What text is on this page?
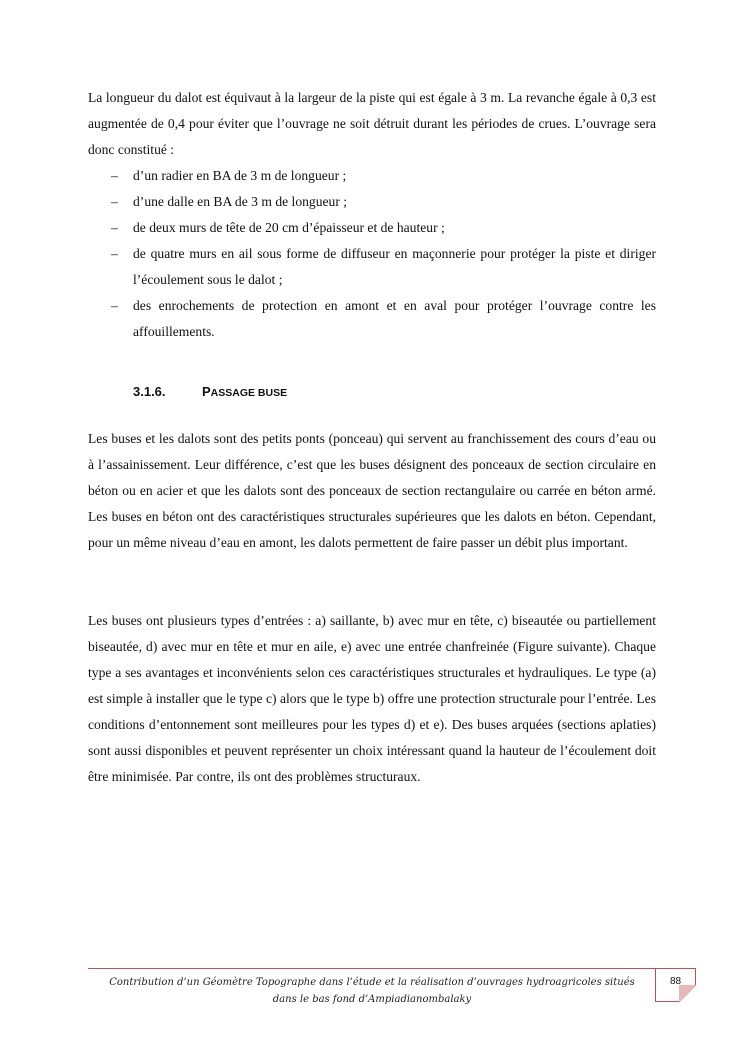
La longueur du dalot est équivaut à la largeur de la piste qui est égale à 3 m. La revanche égale à 0,3 est augmentée de 0,4 pour éviter que l’ouvrage ne soit détruit durant les périodes de crues. L’ouvrage sera donc constitué :

– d’un radier en BA de 3 m de longueur ;
– d’une dalle en BA de 3 m de longueur ;
– de deux murs de tête de 20 cm d’épaisseur et de hauteur ;
– de quatre murs en ail sous forme de diffuseur en maçonnerie pour protéger la piste et diriger l’écoulement sous le dalot ;
– des enrochements de protection en amont et en aval pour protéger l’ouvrage contre les affouillements.
3.1.6.	PASSAGE BUSE

Les buses et les dalots sont des petits ponts (ponceau) qui servent au franchissement des cours d’eau ou à l’assainissement. Leur différence, c’est que les buses désignent des ponceaux de section circulaire en béton ou en acier et que les dalots sont des ponceaux de section rectangulaire ou carrée en béton armé. Les buses en béton ont des caractéristiques structurales supérieures que les dalots en béton. Cependant, pour un même niveau d’eau en amont, les dalots permettent de faire passer un débit plus important.

Les buses ont plusieurs types d’entrées : a) saillante, b) avec mur en tête, c) biseautée ou partiellement biseautée, d) avec mur en tête et mur en aile, e) avec une entrée chanfreinée (Figure suivante). Chaque type a ses avantages et inconvénients selon ces caractéristiques structurales et hydrauliques. Le type (a) est simple à installer que le type c) alors que le type b) offre une protection structurale pour l’entrée. Les conditions d’entonnement sont meilleures pour les types d) et e). Des buses arquées (sections aplaties) sont aussi disponibles et peuvent représenter un choix intéressant quand la hauteur de l’écoulement doit être minimisée. Par contre, ils ont des problèmes structuraux.

Contribution d’un Géomètre Topographe dans l’étude et la réalisation d’ouvrages hydroagricoles situés dans le bas fond d’Ampiadianombalaky

88
